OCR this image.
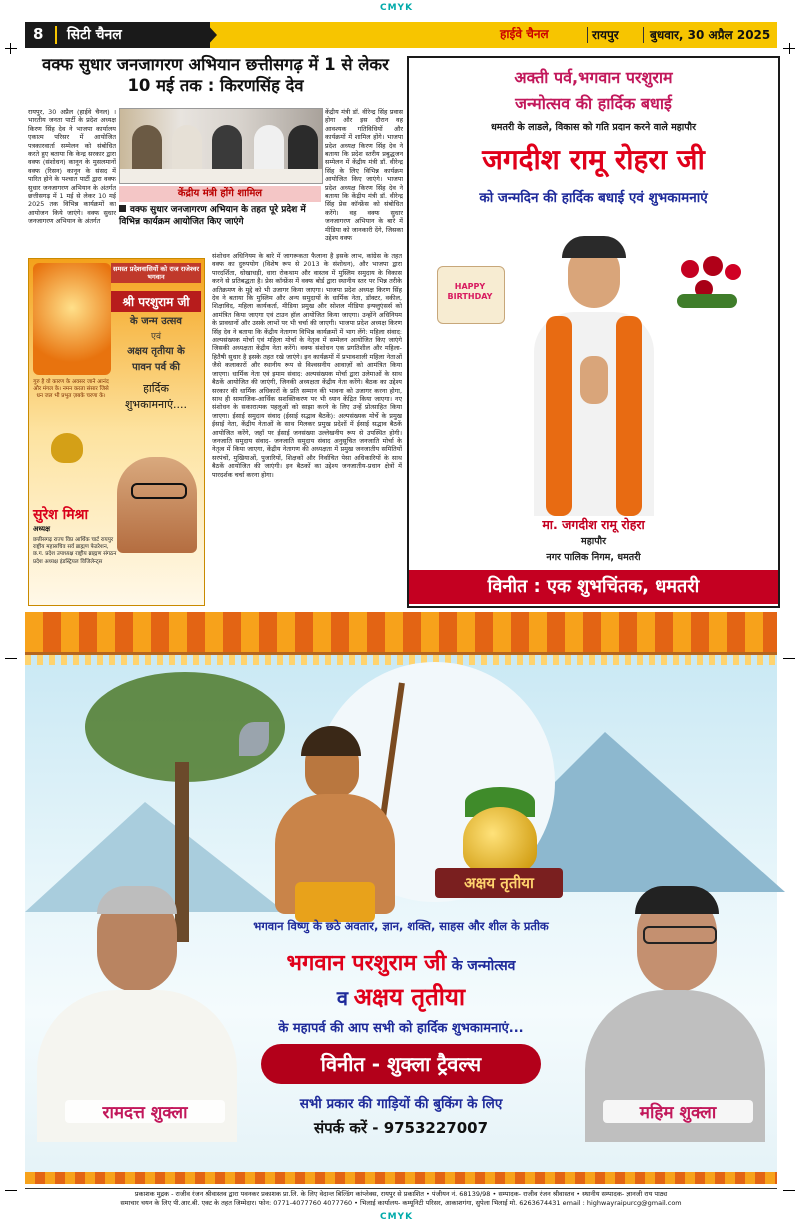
CMYK
CMYK
8 सिटी चैनल	हाईवे चैनल	रायपुर	बुधवार, 30 अप्रैल 2025
वक्फ सुधार जनजागरण अभियान छत्तीसगढ़ में 1 से लेकर 10 मई तक : किरणसिंह देव
रायपुर, 30 अप्रैल (हाईवे चैनल) । भारतीय जनता पार्टी के प्रदेश अध्यक्ष किरण सिंह देव ने भाजपा कार्यालय एकात्म परिसर में आयोजित पत्रकारवार्ता सम्मेलन को संबोधित करते हुए बताया कि केन्द्र सरकार द्वारा वक्फ (संशोधन) कानून के मुसलमानों वक्फ (रिसन) कानून के संसद में पारित होने के पश्चात पार्टी द्वारा वक्फ सुधार जनजागरण अभियान के अंतर्गत छत्तीसगढ़ में 1 मई से लेकर 10 मई 2025 तक विभिन्न कार्यक्रमों का आयोजन किये जाएंगे। वक्फ सुधार जनजागरण अभियान के अंतर्गत
केंद्रीय मंत्री डॉ. वीरेन्द्र सिंह प्रवास होगा और इस दौरान वह आवश्यक गतिविधियों और कार्यक्रमों में शामिल होंगे। भाजपा प्रदेश अध्यक्ष किरण सिंह देव ने बताया कि प्रदेश स्तरीय प्रबुद्धजन सम्मेलन में केंद्रीय मंत्री डॉ. वीरेन्द्र सिंह के लिए विभिन्न कार्यक्रम आयोजित किए जाएंगे। भाजपा प्रदेश अध्यक्ष किरण सिंह देव ने बताया कि केंद्रीय मंत्री डॉ. वीरेन्द्र सिंह प्रेस कॉन्फ्रेंस को संबोधित करेंगे। वह वक्फ सुधार जनजागरण अभियान के बारे में मीडिया को जानकारी देंगे, जिसका उद्देश्य वक्फ
केंद्रीय मंत्री होंगे शामिल
वक्फ सुधार जनजागरण अभियान के तहत पूरे प्रदेश में विभिन्न कार्यक्रम आयोजित किए जाएंगे
संशोधन अधिनियम के बारे में जागरूकता फैलाना है इसके लाभ, कांग्रेस के तहत वक्फ का दुरुपयोग (विशेष रूप से 2013 के संशोधन), और भाजपा द्वारा पारदर्शिता, धोखाधड़ी, धारा रोकथाम और वास्तव में मुस्लिम समुदाय के विकास करने से प्रतिबद्धता है। प्रेस कॉन्फ्रेंस में वक्फ बोर्ड द्वारा स्थानीय स्तर पर भिन्न तरीके अतिक्रमण के मुद्दे को भी उजागर किया जाएगा। भाजपा प्रदेश अध्यक्ष किरण सिंह देव ने बताया कि मुस्लिम और अन्य समुदायों के धार्मिक नेता, डॉक्टर, वकील, शिक्षाविद, महिला कार्यकर्ता, मीडिया प्रमुख और सोशल मीडिया इन्फ्लुएंसर्स को आमंत्रित किया जाएगा एवं टाउन हॉल आयोजित किया जाएगा। उन्होंने अधिनियम के प्रावधानों और उसके लाभों पर भी चर्चा की जाएगी। भाजपा प्रदेश अध्यक्ष किरण सिंह देव ने बताया कि केंद्रीय नेतागण विभिन्न कार्यक्रमों में भाग लेंगे: महिला संवाद: अल्पसंख्यक मोर्चा एवं महिला मोर्चा के नेतृत्व में सम्मेलन आयोजित किए जाएंगे जिसकी अध्यक्षता केंद्रीय नेता करेंगे। वक्फ संशोधन एक प्रगतिशील और महिला-हितैषी सुधार है इसके तहत रखे जाएंगे। इन कार्यक्रमों में प्रभावशाली महिला नेताओं जैसे कलाकारों और स्थानीय रूप से विश्वसनीय आवाज़ों को आमंत्रित किया जाएगा। धार्मिक नेता एवं इमाम संवाद: अल्पसंख्यक मोर्चा द्वारा उलेमाओं के साथ बैठकें आयोजित की जाएंगी, जिनकी अध्यक्षता केंद्रीय नेता करेंगे। बैठक का उद्देश्य सरकार की धार्मिक अधिकारों के प्रति सम्मान की भावना को उजागर करना होगा, साथ ही सामाजिक-आर्थिक सशक्तिकरण पर भी ध्यान केंद्रित किया जाएगा। नए संशोधन के सकारात्मक पहलुओं को साझा करने के लिए उन्हें प्रोत्साहित किया जाएगा। ईसाई समुदाय संवाद (ईसाई सद्भाव बैठकें): अल्पसंख्यक मोर्चे के प्रमुख ईसाई नेता, केंद्रीय नेताओं के साथ मिलकर प्रमुख प्रदेशों में ईसाई सद्भाव बैठकें आयोजित करेंगे, जहाँ पर ईसाई जनसंख्या उल्लेखनीय रूप से उपस्थित होगी। जनजाति समुदाय संवाद- जनजाति समुदाय संवाद अनुसूचित जनजाति मोर्चा के नेतृत्व में किया जाएगा, केंद्रीय नेतागण की अध्यक्षता में प्रमुख जनजातीय समितियों सरपंचों, मुखियाओं, पुजारियों, शिक्षकों और निर्वाचित पेसा अधिकारियों के साथ बैठकें आयोजित की जाएंगी। इन बैठकों का उद्देश्य जनजातीय-प्रधान क्षेत्रों में पारदर्शक चर्चा करना होगा।
समस्त प्रदेशवासियों को राज राजेश्वर भगवान
श्री परशुराम जी
के जन्म उत्सव
एवं
अक्षय तृतीया के
पावन पर्व की
हार्दिक
शुभकामनाएं....
गुरु है वो कारण के अवसर जाने आनंद और मंगल के। नमन करता संसार जिसे धन जल भी प्रभुत ज़बके चरणा के।
सुरेश मिश्रा
अध्यक्ष
छत्तीसगढ़ राज्य विप्र आर्थिक चार्ट रायपुर राष्ट्रीय महासचिव सर्व ब्राह्मण फेडरेशन, छ.ग. प्रदेश उपाध्यक्ष राष्ट्रीय ब्राह्मण संगठन प्रदेश अध्यक्ष इंडस्ट्रियल विजिलेन्ट्स
अक्ती पर्व,भगवान परशुराम
जन्मोत्सव की हार्दिक बधाई
धमतरी के लाडले, विकास को गति प्रदान करने वाले महापौर
जगदीश रामू रोहरा जी
को जन्मदिन की हार्दिक बधाई एवं शुभकामनाएं
HAPPY BIRTHDAY
मा. जगदीश रामू रोहरा
महापौर
नगर पालिक निगम, धमतरी
विनीत : एक शुभचिंतक, धमतरी
अक्षय तृतीया
भगवान विष्णु के छठे अवतार, ज्ञान, शक्ति, साहस और शील के प्रतीक
भगवान परशुराम जी के जन्मोत्सव
व अक्षय तृतीया
के महापर्व की आप सभी को हार्दिक शुभकामनाएं...
विनीत - शुक्ला ट्रैवल्स
सभी प्रकार की गाड़ियों की बुकिंग के लिए
संपर्क करें - 9753227007
रामदत्त शुक्ला	महिम शुक्ला
प्रकाशक मुद्रक - राजीव रंजन श्रीवास्तव द्वारा पवनकर प्रकाशक प्रा.लि. के लिए वेदान्त बिल्डिंग कांप्लेक्स, रायपुर से प्रकाशित • पंजीयन नं. 68139/98 • सम्पादक- राजीव रंजन श्रीवास्तव • स्थानीय सम्पादक- ज्ञानजी राय पाठ्य
समाचार चयन के लिए पी.आर.बी. एक्ट के तहत जिम्मेदार। फोन: 0771-4077760 4077760 • भिलाई कार्यालय- कम्यूनिटी परिसर, आकाशगंगा, सुपेला भिलाई मो. 6263674431 email : highwayraipurcg@gmail.com
